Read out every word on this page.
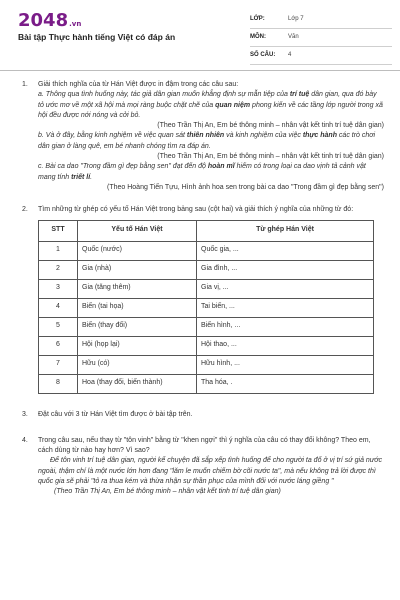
2048.vn
Bài tập Thực hành tiếng Việt có đáp án
LỚP:	Lớp 7
MÔN:	Văn
SỐ CÂU: 4
1. Giải thích nghĩa của từ Hán Việt được in đậm trong các câu sau:
a. Thông qua tình huống này, tác giả dân gian muốn khẳng định sự mẫn tiệp của trí tuệ dân gian, qua đó bày tỏ ước mơ về một xã hội mà mọi ràng buộc chặt chẽ của quan niệm phong kiến về các tầng lớp người trong xã hội đều được nới nóng và cởi bỏ.
(Theo Trần Thị An, Em bé thông minh – nhân vật kết tinh trí tuệ dân gian)
b. Và ở đây, bằng kinh nghiệm về việc quan sát thiên nhiên và kinh nghiệm của việc thực hành các trò chơi dân gian ở làng quê, em bé nhanh chóng tìm ra đáp án.
(Theo Trần Thị An, Em bé thông minh – nhân vật kết tinh trí tuệ dân gian)
c. Bài ca dao "Trong đầm gì đẹp bằng sen" đạt đến độ hoàn mĩ hiếm có trong loại ca dao vịnh tả cảnh vật mang tính triết lí.
(Theo Hoàng Tiến Tựu, Hình ảnh hoa sen trong bài ca dao "Trong đầm gì đẹp bằng sen")
2. Tìm những từ ghép có yếu tố Hán Việt trong bảng sau (cột hai) và giải thích ý nghĩa của những từ đó:
STT	Yếu tố Hán Việt	Từ ghép Hán Việt
1	Quốc (nước)	Quốc gia, ...
2	Gia (nhà)	Gia đình, ...
3	Gia (tăng thêm)	Gia vị, ...
4	Biến (tai họa)	Tai biến, ...
5	Biến (thay đổi)	Biến hình, ...
6	Hội (họp lại)	Hội thao, ...
7	Hữu (có)	Hữu hình, ...
8	Hoa (thay đổi, biến thành)	Tha hóa, .
3. Đặt câu với 3 từ Hán Việt tìm được ở bài tập trên.
4. Trong câu sau, nếu thay từ "tôn vinh" bằng từ "khen ngợi" thì ý nghĩa của câu có thay đổi không? Theo em, cách dùng từ nào hay hơn? Vì sao?
Để tôn vinh trí tuệ dân gian, người kể chuyện đã sắp xếp tình huống để cho người ta đố ở vị trí sứ giả nước ngoài, thậm chí là một nước lớn hơn đang "lăm le muốn chiếm bờ cõi nước ta", mà nếu không trả lời được thì quốc gia sẽ phải "tỏ ra thua kém và thừa nhận sự thần phục của mình đối với nước láng giềng "
(Theo Trần Thị An, Em bé thông minh – nhân vật kết tinh trí tuệ dân gian)
